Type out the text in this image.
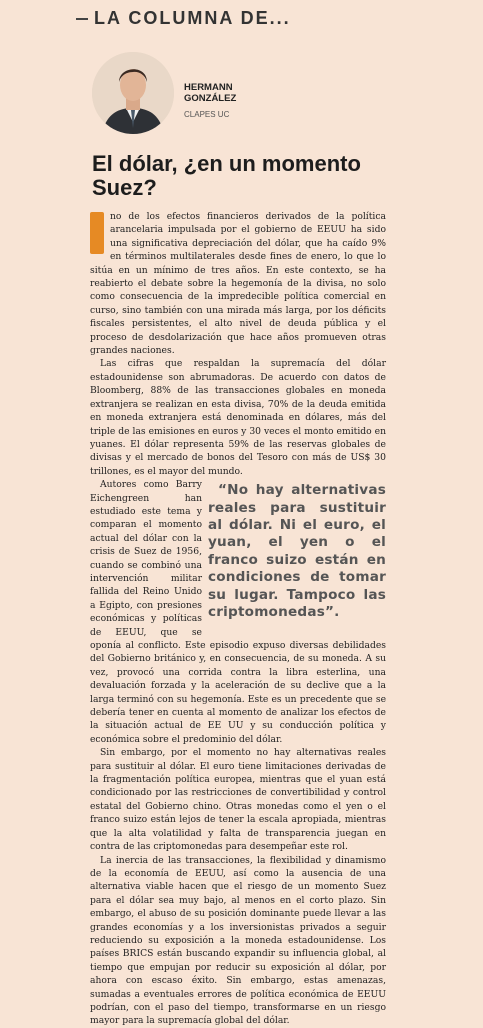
LA COLUMNA DE...
HERMANN
GONZÁLEZ
CLAPES UC
El dólar, ¿en un momento Suez?

no de los efectos financieros derivados de la política arancelaria impulsada por el gobierno de EEUU ha sido una significativa depreciación del dólar, que ha caído 9% en términos multilaterales desde fines de enero, lo que lo sitúa en un mínimo de tres años. En este contexto, se ha reabierto el debate sobre la hegemonía de la divisa, no solo como consecuencia de la impredecible política comercial en curso, sino también con una mirada más larga, por los déficits fiscales persistentes, el alto nivel de deuda pública y el proceso de desdolarización que hace años promueven otras grandes naciones.

Las cifras que respaldan la supremacía del dólar estadounidense son abrumadoras. De acuerdo con datos de Bloomberg, 88% de las transacciones globales en moneda extranjera se realizan en esta divisa, 70% de la deuda emitida en moneda extranjera está denominada en dólares, más del triple de las emisiones en euros y 30 veces el monto emitido en yuanes. El dólar representa 59% de las reservas globales de divisas y el mercado de bonos del Tesoro con más de US$ 30 trillones, es el mayor del mundo.

“No hay alternativas reales para sustituir al dólar. Ni el euro, el yuan, el yen o el franco suizo están en condiciones de tomar su lugar. Tampoco las criptomonedas”.
Autores como Barry Eichengreen han estudiado este tema y comparan el momento actual del dólar con la crisis de Suez de 1956, cuando se combinó una intervención militar fallida del Reino Unido a Egipto, con presiones económicas y políticas de EEUU, que se oponía al conflicto. Este episodio expuso diversas debilidades del Gobierno británico y, en consecuencia, de su moneda. A su vez, provocó una corrida contra la libra esterlina, una devaluación forzada y la aceleración de su declive que a la larga terminó con su hegemonía. Este es un precedente que se debería tener en cuenta al momento de analizar los efectos de la situación actual de EE UU y su conducción política y económica sobre el predominio del dólar.

Sin embargo, por el momento no hay alternativas reales para sustituir al dólar. El euro tiene limitaciones derivadas de la fragmentación política europea, mientras que el yuan está condicionado por las restricciones de convertibilidad y control estatal del Gobierno chino. Otras monedas como el yen o el franco suizo están lejos de tener la escala apropiada, mientras que la alta volatilidad y falta de transparencia juegan en contra de las criptomonedas para desempeñar este rol.

La inercia de las transacciones, la flexibilidad y dinamismo de la economía de EEUU, así como la ausencia de una alternativa viable hacen que el riesgo de un momento Suez para el dólar sea muy bajo, al menos en el corto plazo. Sin embargo, el abuso de su posición dominante puede llevar a las grandes economías y a los inversionistas privados a seguir reduciendo su exposición a la moneda estadounidense. Los países BRICS están buscando expandir su influencia global, al tiempo que empujan por reducir su exposición al dólar, por ahora con escaso éxito. Sin embargo, estas amenazas, sumadas a eventuales errores de política económica de EEUU podrían, con el paso del tiempo, transformarse en un riesgo mayor para la supremacía global del dólar.
